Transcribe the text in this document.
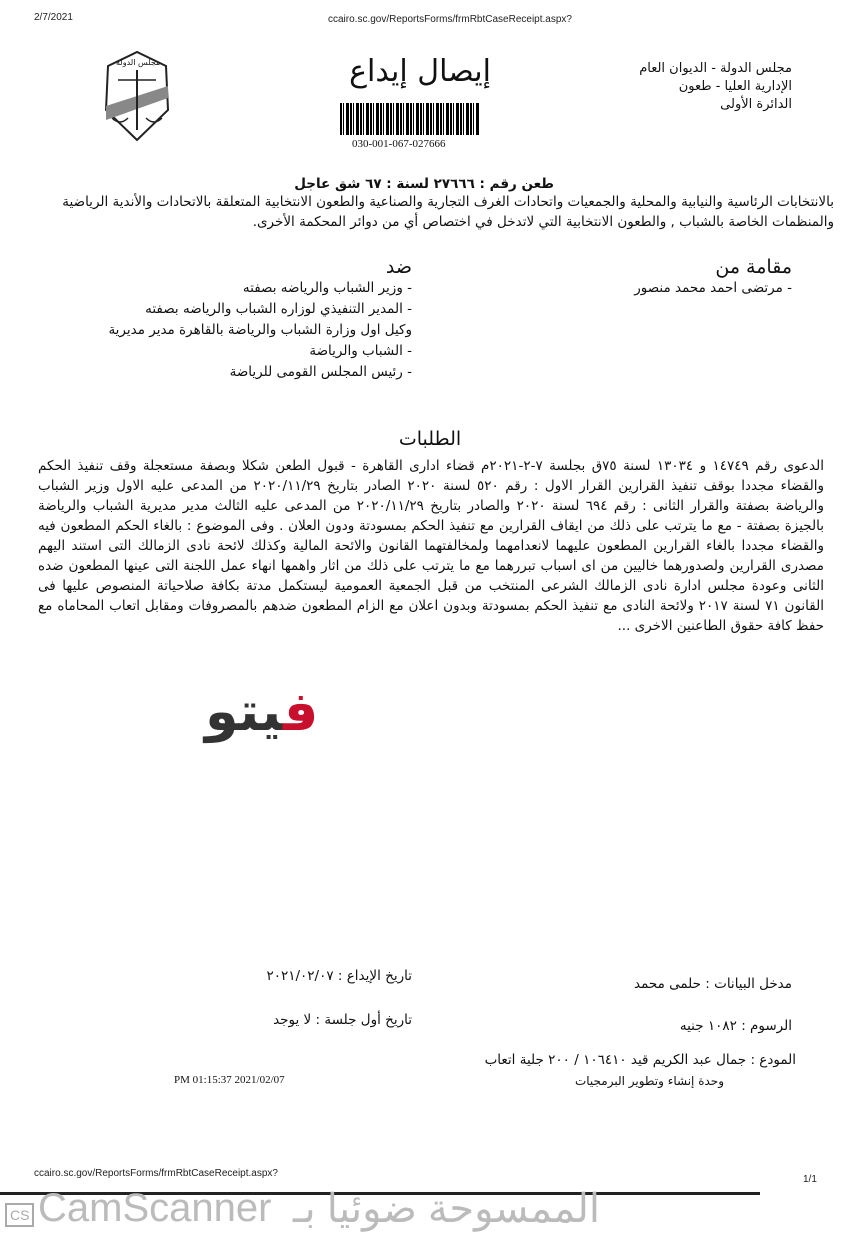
2/7/2021	ccairo.sc.gov/ReportsForms/frmRbtCaseReceipt.aspx?
مجلس الدولة - الديوان العام
الإدارية العليا - طعون
الدائرة الأولى
مجلس الدولة	إيصال إيداع
030-001-067-027666
طعن رقم : ٢٧٦٦٦ لسنة : ٦٧ شق عاجل
بالانتخابات الرئاسية والنيابية والمحلية والجمعيات واتحادات الغرف التجارية والصناعية والطعون الانتخابية المتعلقة بالاتحادات والأندية الرياضية والمنظمات الخاصة بالشباب , والطعون الانتخابية التي لاتدخل في اختصاص أي من دوائر المحكمة الأخرى.
مقامة من
- مرتضى احمد محمد منصور
ضد
- وزير الشباب والرياضه بصفته
- المدير التنفيذي لوزاره الشباب والرياضه بصفته
وكيل اول وزارة الشباب والرياضة بالقاهرة مدير مديرية
- الشباب والرياضة
- رئيس المجلس القومى للرياضة
الطلبات
الدعوى رقم ١٤٧٤٩ و ١٣٠٣٤ لسنة ٧٥ق بجلسة ٧-٢-٢٠٢١م قضاء ادارى القاهرة - قبول الطعن شكلا وبصفة مستعجلة وقف تنفيذ الحكم والقضاء مجددا بوقف تنفيذ القرارين القرار الاول : رقم ٥٢٠ لسنة ٢٠٢٠ الصادر بتاريخ ٢٠٢٠/١١/٢٩ من المدعى عليه الاول وزير الشباب والرياضة بصفتة والقرار الثانى : رقم ٦٩٤ لسنة ٢٠٢٠ والصادر بتاريخ ٢٠٢٠/١١/٢٩ من المدعى عليه الثالث مدير مديرية الشباب والرياضة بالجيزة بصفتة - مع ما يترتب على ذلك من ايقاف القرارين مع تنفيذ الحكم بمسودتة ودون العلان . وفى الموضوع : بالغاء الحكم المطعون فيه والقضاء مجددا بالغاء القرارين المطعون عليهما لانعدامهما ولمخالفتهما القانون والائحة المالية وكذلك لائحة نادى الزمالك التى استند اليهم مصدرى القرارين ولصدورهما خاليين من اى اسباب تبررهما مع ما يترتب على ذلك من اثار واهمها انهاء عمل اللجنة التى عينها المطعون ضده الثانى وعودة مجلس ادارة نادى الزمالك الشرعى المنتخب من قبل الجمعية العمومية ليستكمل مدتة بكافة صلاحياتة المنصوص عليها فى القانون ٧١ لسنة ٢٠١٧ ولائحة النادى مع تنفيذ الحكم بمسودتة وبدون اعلان مع الزام المطعون ضدهم بالمصروفات ومقابل اتعاب المحاماه مع حفظ كافة حقوق الطاعنين الاخرى ...
فيتو
مدخل البيانات : حلمى محمد
تاريخ الإيداع : ٢٠٢١/٠٢/٠٧
الرسوم : ١٠٨٢ جنيه
تاريخ أول جلسة : لا يوجد
المودع : جمال عبد الكريم قيد ١٠٦٤١٠ / ٢٠٠ جلية اتعاب
وحدة إنشاء وتطوير البرمجيات
PM 01:15:37 2021/02/07
ccairo.sc.gov/ReportsForms/frmRbtCaseReceipt.aspx?
1/1
CS CamScanner الممسوحة ضوئيا بـ
